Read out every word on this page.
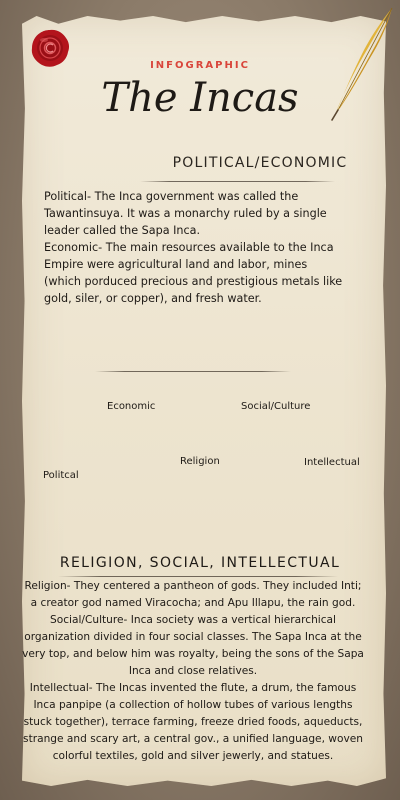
INFOGRAPHIC
The Incas
POLITICAL/ECONOMIC

Political- The Inca government was called the Tawantinsuya. It was a monarchy ruled by a single leader called the Sapa Inca.

Economic- The main resources available to the Inca Empire were agricultural land and labor, mines (which porduced precious and prestigious metals like gold, siler, or copper), and fresh water.

Economic	Social/Culture
Religion
Politcal
Intellectual
RELIGION, SOCIAL, INTELLECTUAL

Religion- They centered a pantheon of gods. They included Inti; a creator god named Viracocha; and Apu Illapu, the rain god.

Social/Culture- Inca society was a vertical hierarchical organization divided in four social classes. The Sapa Inca at the very top, and below him was royalty, being the sons of the Sapa Inca and close relatives.

Intellectual- The Incas invented the flute, a drum, the famous Inca panpipe (a collection of hollow tubes of various lengths stuck together), terrace farming, freeze dried foods, aqueducts, strange and scary art, a central gov., a unified language, woven colorful textiles, gold and silver jewerly, and statues.
